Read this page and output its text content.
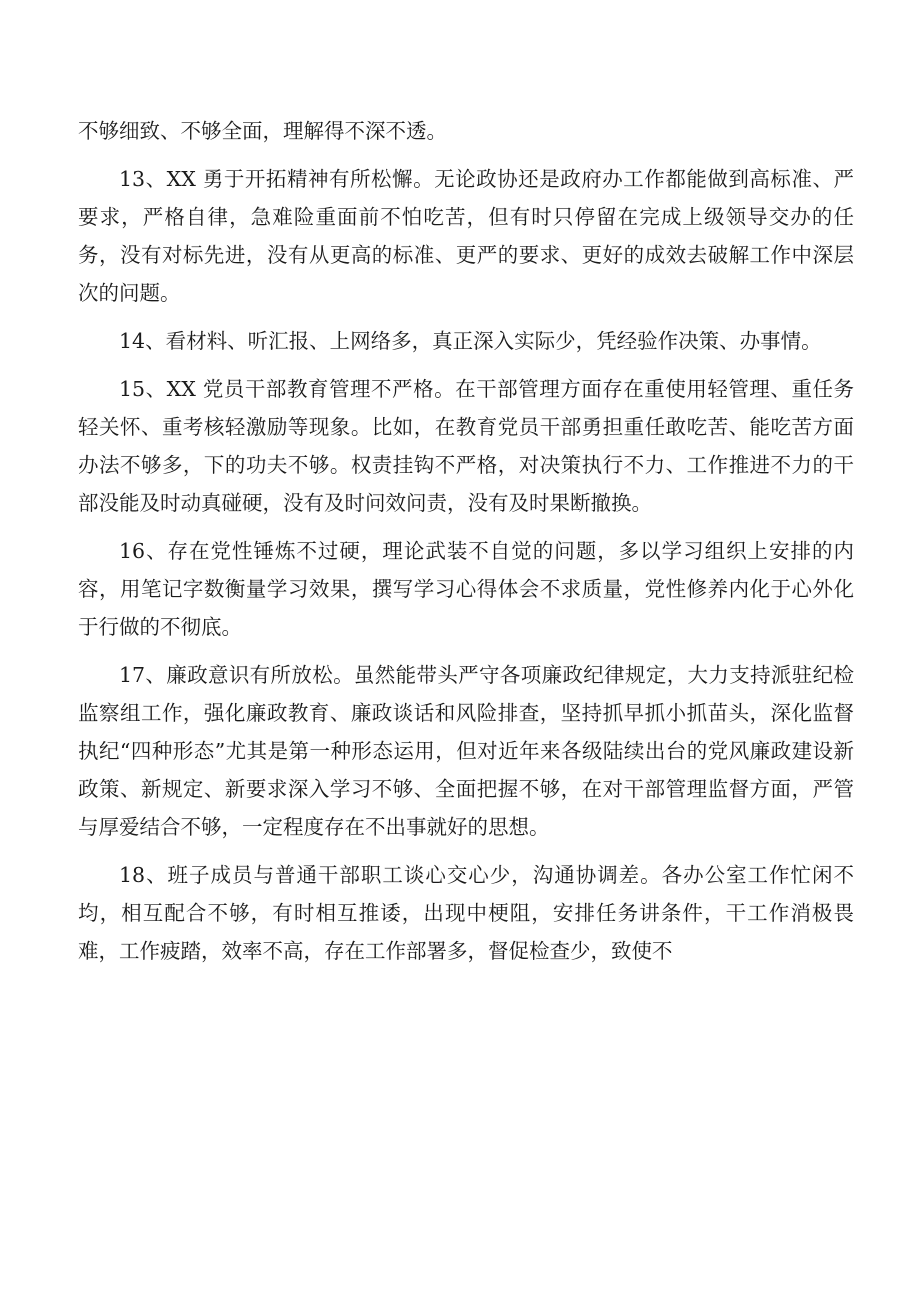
不够细致、不够全面，理解得不深不透。

13、XX 勇于开拓精神有所松懈。无论政协还是政府办工作都能做到高标准、严要求，严格自律，急难险重面前不怕吃苦，但有时只停留在完成上级领导交办的任务，没有对标先进，没有从更高的标准、更严的要求、更好的成效去破解工作中深层次的问题。

14、看材料、听汇报、上网络多，真正深入实际少，凭经验作决策、办事情。

15、XX 党员干部教育管理不严格。在干部管理方面存在重使用轻管理、重任务轻关怀、重考核轻激励等现象。比如，在教育党员干部勇担重任敢吃苦、能吃苦方面办法不够多，下的功夫不够。权责挂钩不严格，对决策执行不力、工作推进不力的干部没能及时动真碰硬，没有及时问效问责，没有及时果断撤换。

16、存在党性锤炼不过硬，理论武装不自觉的问题，多以学习组织上安排的内容，用笔记字数衡量学习效果，撰写学习心得体会不求质量，党性修养内化于心外化于行做的不彻底。

17、廉政意识有所放松。虽然能带头严守各项廉政纪律规定，大力支持派驻纪检监察组工作，强化廉政教育、廉政谈话和风险排查，坚持抓早抓小抓苗头，深化监督执纪“四种形态”尤其是第一种形态运用，但对近年来各级陆续出台的党风廉政建设新政策、新规定、新要求深入学习不够、全面把握不够，在对干部管理监督方面，严管与厚爱结合不够，一定程度存在不出事就好的思想。

18、班子成员与普通干部职工谈心交心少，沟通协调差。各办公室工作忙闲不均，相互配合不够，有时相互推诿，出现中梗阻，安排任务讲条件，干工作消极畏难，工作疲踏，效率不高，存在工作部署多，督促检查少，致使不
